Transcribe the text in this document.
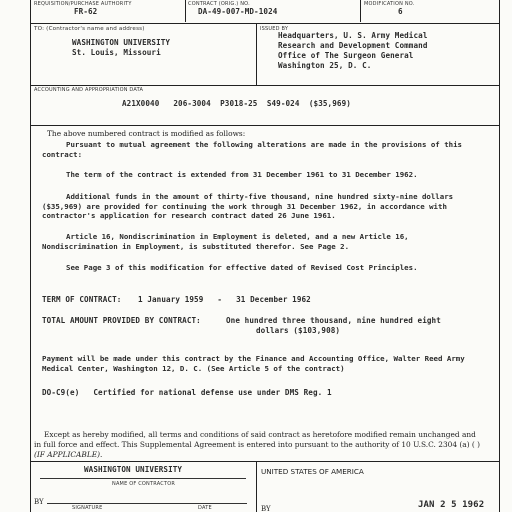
REQUISITION/PURCHASE AUTHORITY
FR-62
CONTRACT (ORIG.) NO.
DA-49-007-MD-1024
MODIFICATION NO.
6
TO: (Contractor's name and address)
WASHINGTON UNIVERSITY
St. Louis, Missouri
ISSUED BY
Headquarters, U. S. Army Medical
Research and Development Command
Office of The Surgeon General
Washington 25, D. C.
ACCOUNTING AND APPROPRIATION DATA
A21X0040   206-3004  P3018-25  S49-024  ($35,969)
The above numbered contract is modified as follows:

Pursuant to mutual agreement the following alterations are made in the provisions of this contract:

The term of the contract is extended from 31 December 1961 to 31 December 1962.

Additional funds in the amount of thirty-five thousand, nine hundred sixty-nine dollars ($35,969) are provided for continuing the work through 31 December 1962, in accordance with contractor's application for research contract dated 26 June 1961.

Article 16, Nondiscrimination in Employment is deleted, and a new Article 16, Nondiscrimination in Employment, is substituted therefor. See Page 2.

See Page 3 of this modification for effective dated of Revised Cost Principles.

TERM OF CONTRACT: 1 January 1959   -   31 December 1962
TOTAL AMOUNT PROVIDED BY CONTRACT:	One hundred three thousand, nine hundred eight
dollars ($103,908)

Payment will be made under this contract by the Finance and Accounting Office, Walter Reed Army Medical Center, Washington 12, D. C. (See Article 5 of the contract)

DO-C9(e)   Certified for national defense use under DMS Reg. 1

Except as hereby modified, all terms and conditions of said contract as heretofore modified remain unchanged and in full force and effect. This Supplemental Agreement is entered into pursuant to the authority of 10 U.S.C. 2304 (a) ( )

(IF APPLICABLE).
WASHINGTON UNIVERSITY
NAME OF CONTRACTOR
BY
SIGNATURE	DATE
UNITED STATES OF AMERICA
BY	JAN 2 5 1962
